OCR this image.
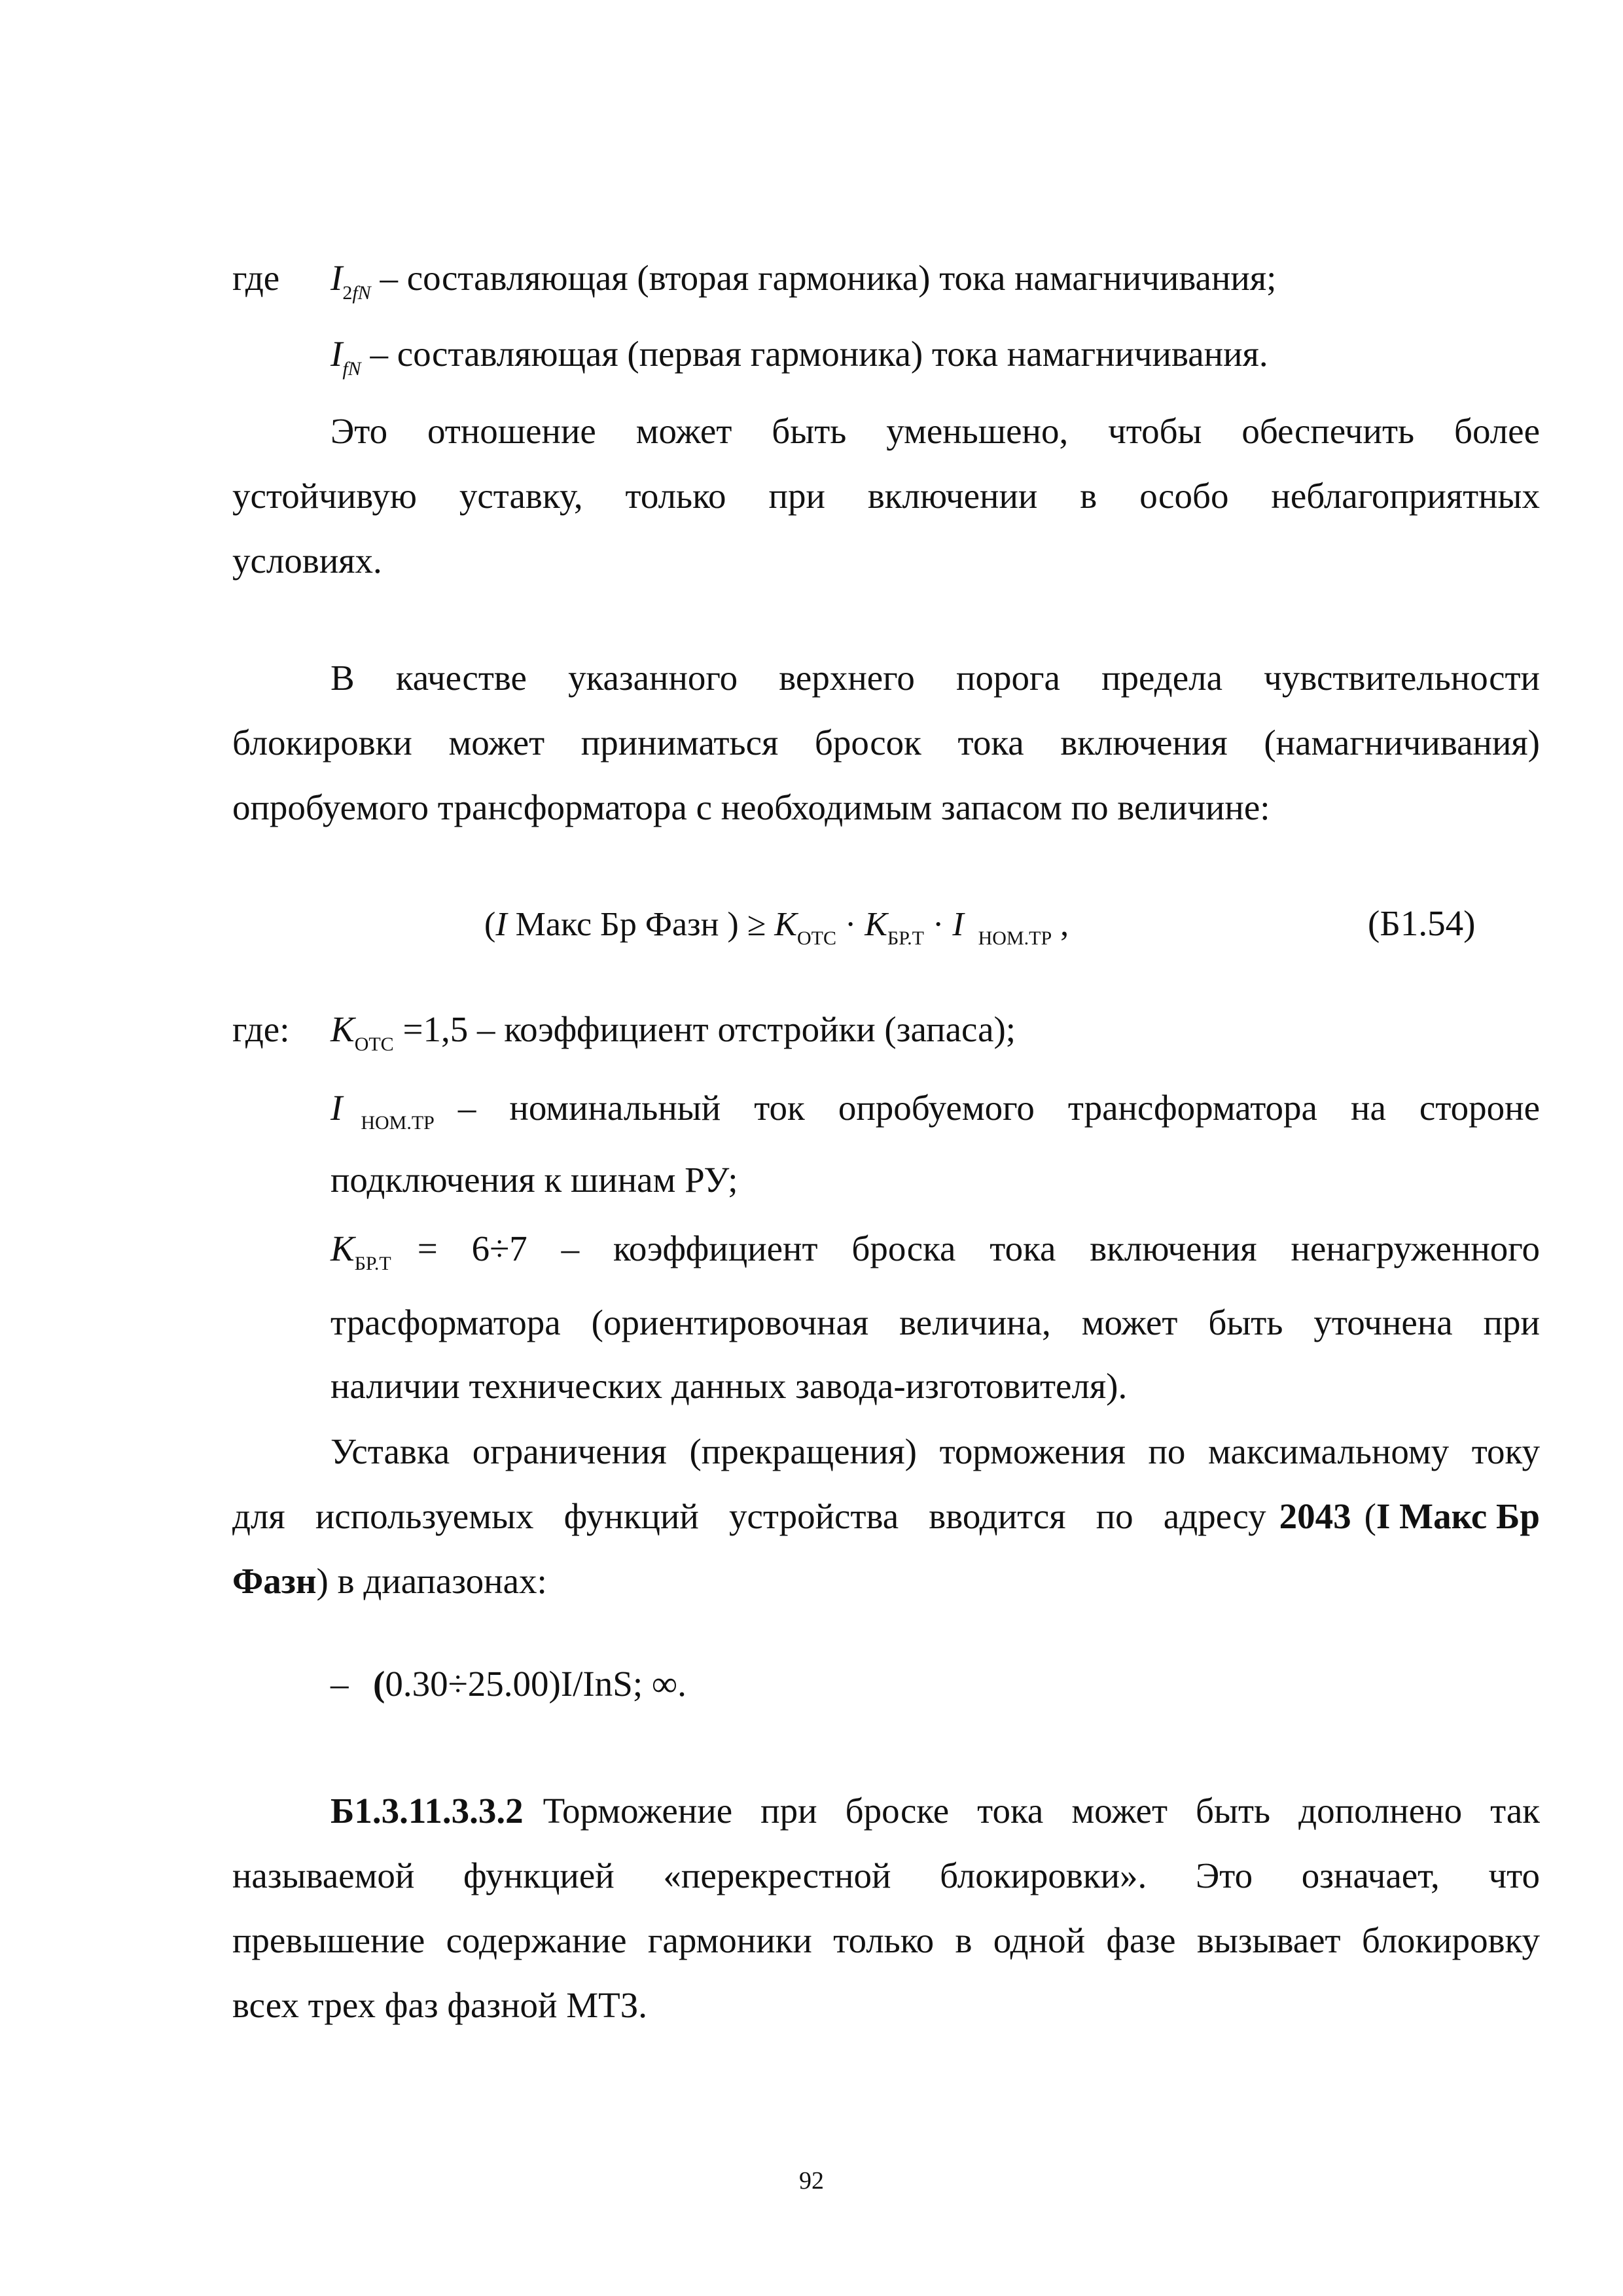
где $I_{2fN}$ – составляющая (вторая гармоника) тока намагничивания;
$I_{fN}$ – составляющая (первая гармоника) тока намагничивания.
Это отношение может быть уменьшено, чтобы обеспечить более
устойчивую уставку, только при включении в особо неблагоприятных
условиях.
В качестве указанного верхнего порога предела чувствительности
блокировки может приниматься бросок тока включения (намагничивания)
опробуемого трансформатора с необходимым запасом по величине:
(I Макс Бр Фазн ) ≥ $K_{ОТС} \cdot K_{БР.Т} \cdot I$ $_{НОМ.ТР}$ ,	(Б1.54)
где: $K_{ОТС} =1,5$ – коэффициент отстройки (запаса);
I $_{НОМ.ТР}$ – номинальный ток опробуемого трансформатора на стороне
подключения к шинам РУ;
$K_{БР.Т} = 6\div 7$ – коэффициент броска тока включения ненагруженного
трасформатора (ориентировочная величина, может быть уточнена при
наличии технических данных завода-изготовителя).
Уставка ограничения (прекращения) торможения по максимальному току
для используемых функций устройства вводится по адресу 2043 (I Макс Бр
Фазн) в диапазонах:
– (0.30÷25.00)I/InS; ∞.
Б1.3.11.3.3.2 Торможение при броске тока может быть дополнено так
называемой функцией «перекрестной блокировки». Это означает, что
превышение содержание гармоники только в одной фазе вызывает блокировку
всех трех фаз фазной МТЗ.
92
